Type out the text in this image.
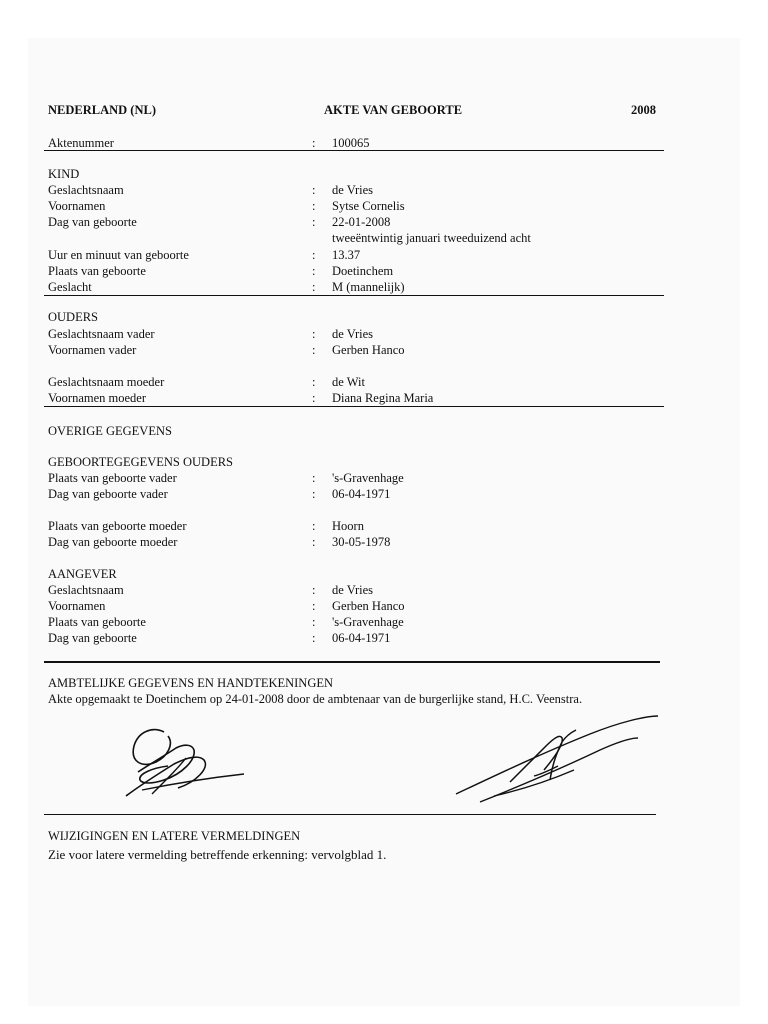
NEDERLAND (NL)	AKTE VAN GEBOORTE	2008
Aktenummer	: 100065
KIND
Geslachtsnaam	: de Vries
Voornamen	: Sytse Cornelis
Dag van geboorte	: 22-01-2008
tweeëntwintig januari tweeduizend acht
Uur en minuut van geboorte	: 13.37
Plaats van geboorte	: Doetinchem
Geslacht	: M (mannelijk)
OUDERS
Geslachtsnaam vader	: de Vries
Voornamen vader	: Gerben Hanco
Geslachtsnaam moeder	: de Wit
Voornamen moeder	: Diana Regina Maria
OVERIGE GEGEVENS
GEBOORTEGEGEVENS OUDERS
Plaats van geboorte vader	: 's-Gravenhage
Dag van geboorte vader	: 06-04-1971
Plaats van geboorte moeder	: Hoorn
Dag van geboorte moeder	: 30-05-1978
AANGEVER
Geslachtsnaam	: de Vries
Voornamen	: Gerben Hanco
Plaats van geboorte	: 's-Gravenhage
Dag van geboorte	: 06-04-1971
AMBTELIJKE GEGEVENS EN HANDTEKENINGEN
Akte opgemaakt te Doetinchem op 24-01-2008 door de ambtenaar van de burgerlijke stand, H.C. Veenstra.
WIJZIGINGEN EN LATERE VERMELDINGEN
Zie voor latere vermelding betreffende erkenning: vervolgblad 1.
